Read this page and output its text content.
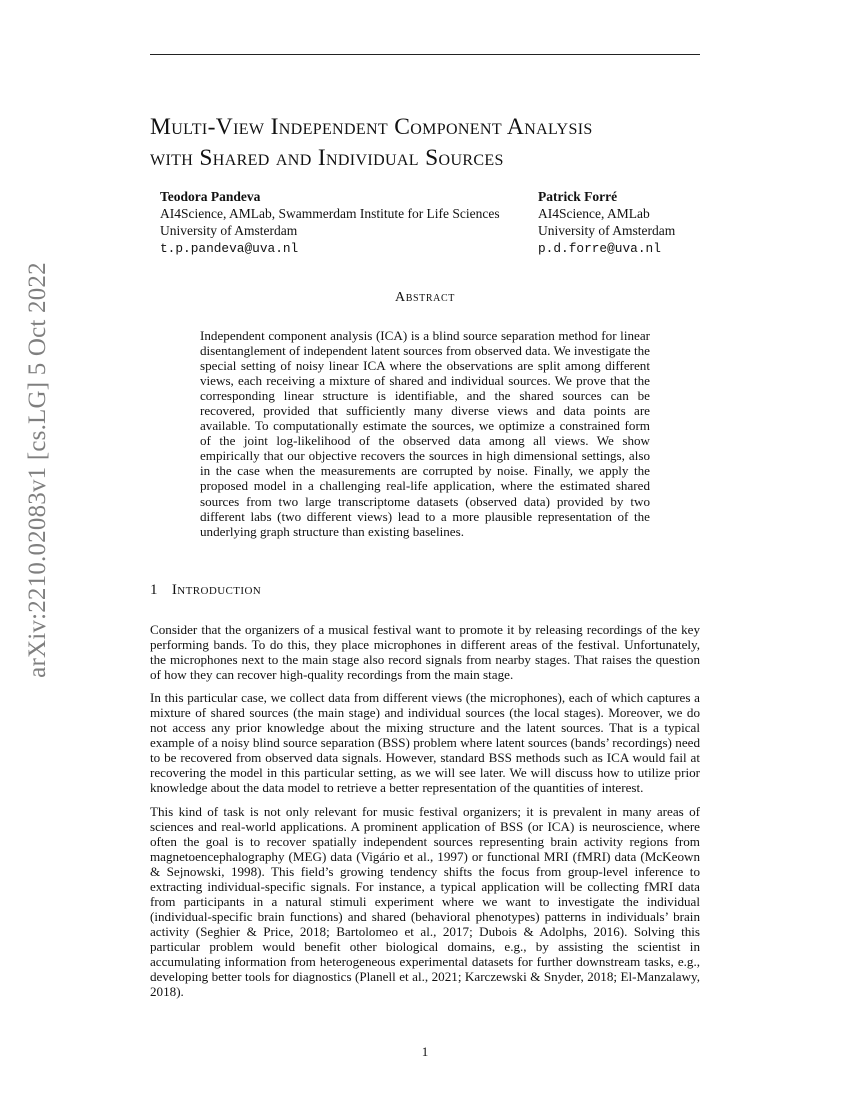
Multi-View Independent Component Analysis
with Shared and Individual Sources
Teodora Pandeva
AI4Science, AMLab, Swammerdam Institute for Life Sciences
University of Amsterdam
t.p.pandeva@uva.nl
Patrick Forré
AI4Science, AMLab
University of Amsterdam
p.d.forre@uva.nl
arXiv:2210.02083v1 [cs.LG] 5 Oct 2022	Abstract

Independent component analysis (ICA) is a blind source separation method for linear disentanglement of independent latent sources from observed data. We investigate the special setting of noisy linear ICA where the observations are split among different views, each receiving a mixture of shared and individual sources. We prove that the corresponding linear structure is identifiable, and the shared sources can be recovered, provided that sufficiently many diverse views and data points are available. To computationally estimate the sources, we optimize a constrained form of the joint log-likelihood of the observed data among all views. We show empirically that our objective recovers the sources in high dimensional settings, also in the case when the measurements are corrupted by noise. Finally, we apply the proposed model in a challenging real-life application, where the estimated shared sources from two large transcriptome datasets (observed data) provided by two different labs (two different views) lead to a more plausible representation of the underlying graph structure than existing baselines.

1 Introduction

Consider that the organizers of a musical festival want to promote it by releasing recordings of the key performing bands. To do this, they place microphones in different areas of the festival. Unfortunately, the microphones next to the main stage also record signals from nearby stages. That raises the question of how they can recover high-quality recordings from the main stage.

In this particular case, we collect data from different views (the microphones), each of which captures a mixture of shared sources (the main stage) and individual sources (the local stages). Moreover, we do not access any prior knowledge about the mixing structure and the latent sources. That is a typical example of a noisy blind source separation (BSS) problem where latent sources (bands’ recordings) need to be recovered from observed data signals. However, standard BSS methods such as ICA would fail at recovering the model in this particular setting, as we will see later. We will discuss how to utilize prior knowledge about the data model to retrieve a better representation of the quantities of interest.

This kind of task is not only relevant for music festival organizers; it is prevalent in many areas of sciences and real-world applications. A prominent application of BSS (or ICA) is neuroscience, where often the goal is to recover spatially independent sources representing brain activity regions from magnetoencephalography (MEG) data (Vigário et al., 1997) or functional MRI (fMRI) data (McKeown & Sejnowski, 1998). This field’s growing tendency shifts the focus from group-level inference to extracting individual-specific signals. For instance, a typical application will be collecting fMRI data from participants in a natural stimuli experiment where we want to investigate the individual (individual-specific brain functions) and shared (behavioral phenotypes) patterns in individuals’ brain activity (Seghier & Price, 2018; Bartolomeo et al., 2017; Dubois & Adolphs, 2016). Solving this particular problem would benefit other biological domains, e.g., by assisting the scientist in accumulating information from heterogeneous experimental datasets for further downstream tasks, e.g., developing better tools for diagnostics (Planell et al., 2021; Karczewski & Snyder, 2018; El-Manzalawy, 2018).

1
